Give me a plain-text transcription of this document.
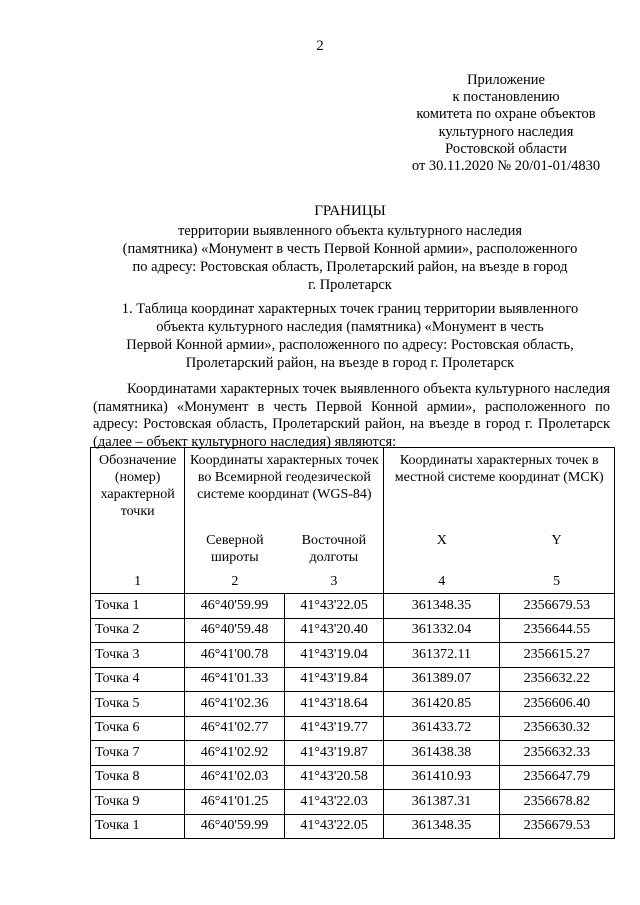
2
Приложение
к постановлению
комитета по охране объектов
культурного наследия
Ростовской области
от 30.11.2020 № 20/01-01/4830
ГРАНИЦЫ
территории выявленного объекта культурного наследия
(памятника) «Монумент в честь Первой Конной армии», расположенного
по адресу: Ростовская область, Пролетарский район, на въезде в город
г. Пролетарск
1. Таблица координат характерных точек границ территории выявленного
объекта культурного наследия (памятника) «Монумент в честь
Первой Конной армии», расположенного по адресу: Ростовская область,
Пролетарский район, на въезде в город г. Пролетарск
Координатами характерных точек выявленного объекта культурного наследия (памятника) «Монумент в честь Первой Конной армии», расположенного по адресу: Ростовская область, Пролетарский район, на въезде в город г. Пролетарск (далее – объект культурного наследия) являются:
Обозначение (номер) характерной точки	Координаты характерных точек во Всемирной геодезической системе координат (WGS-84)		Координаты характерных точек в местной системе координат (МСК)	
	Северной широты	Восточной долготы	X	Y
1	2	3	4	5
Точка 1	46°40'59.99	41°43'22.05	361348.35	2356679.53
Точка 2	46°40'59.48	41°43'20.40	361332.04	2356644.55
Точка 3	46°41'00.78	41°43'19.04	361372.11	2356615.27
Точка 4	46°41'01.33	41°43'19.84	361389.07	2356632.22
Точка 5	46°41'02.36	41°43'18.64	361420.85	2356606.40
Точка 6	46°41'02.77	41°43'19.77	361433.72	2356630.32
Точка 7	46°41'02.92	41°43'19.87	361438.38	2356632.33
Точка 8	46°41'02.03	41°43'20.58	361410.93	2356647.79
Точка 9	46°41'01.25	41°43'22.03	361387.31	2356678.82
Точка 1	46°40'59.99	41°43'22.05	361348.35	2356679.53
